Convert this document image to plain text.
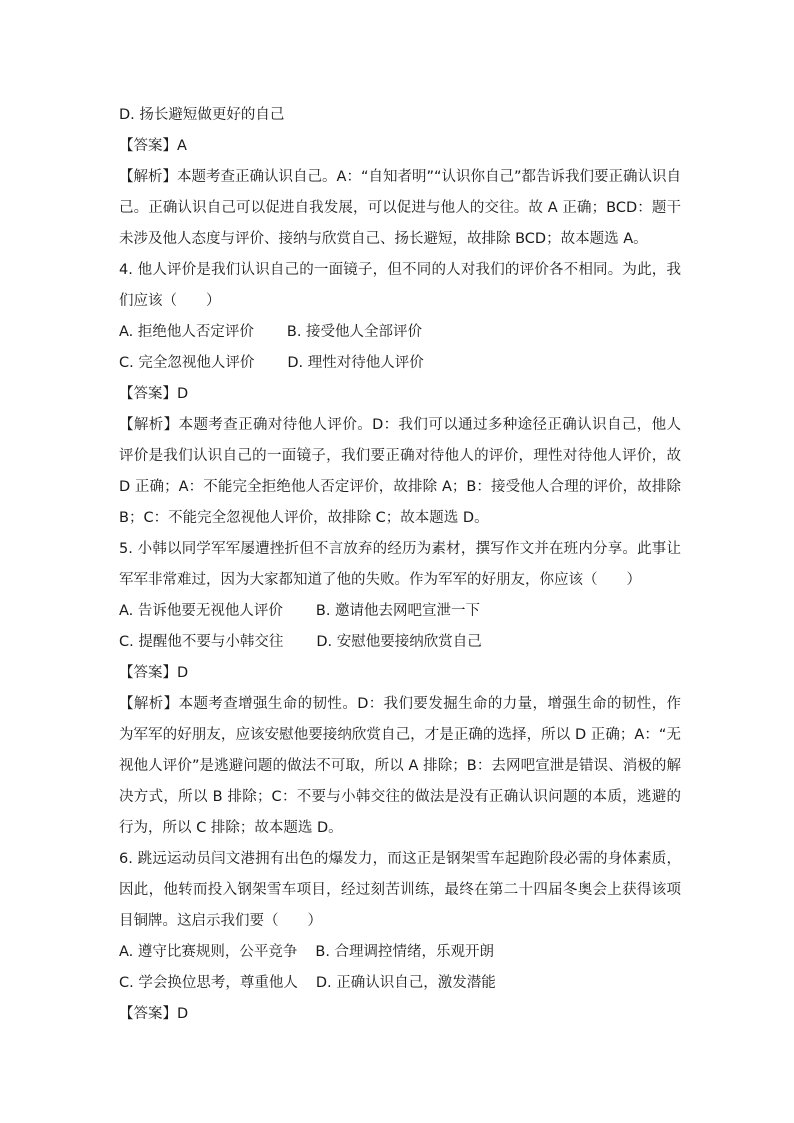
D. 扬长避短做更好的自己
【答案】A
【解析】本题考查正确认识自己。A：“自知者明”“认识你自己”都告诉我们要正确认识自己。正确认识自己可以促进自我发展，可以促进与他人的交往。故 A 正确；BCD：题干未涉及他人态度与评价、接纳与欣赏自己、扬长避短，故排除 BCD；故本题选 A。
4. 他人评价是我们认识自己的一面镜子，但不同的人对我们的评价各不相同。为此，我们应该（　　）
A. 拒绝他人否定评价 B. 接受他人全部评价
C. 完全忽视他人评价 D. 理性对待他人评价
【答案】D
【解析】本题考查正确对待他人评价。D：我们可以通过多种途径正确认识自己，他人评价是我们认识自己的一面镜子，我们要正确对待他人的评价，理性对待他人评价，故 D 正确；A：不能完全拒绝他人否定评价，故排除 A；B：接受他人合理的评价，故排除 B；C：不能完全忽视他人评价，故排除 C；故本题选 D。
5. 小韩以同学军军屡遭挫折但不言放弃的经历为素材，撰写作文并在班内分享。此事让军军非常难过，因为大家都知道了他的失败。作为军军的好朋友，你应该（　　）
A. 告诉他要无视他人评价 B. 邀请他去网吧宣泄一下
C. 提醒他不要与小韩交往 D. 安慰他要接纳欣赏自己
【答案】D
【解析】本题考查增强生命的韧性。D：我们要发掘生命的力量，增强生命的韧性，作为军军的好朋友，应该安慰他要接纳欣赏自己，才是正确的选择，所以 D 正确；A：“无视他人评价”是逃避问题的做法不可取，所以 A 排除；B：去网吧宣泄是错误、消极的解决方式，所以 B 排除；C：不要与小韩交往的做法是没有正确认识问题的本质，逃避的行为，所以 C 排除；故本题选 D。
6. 跳远运动员闫文港拥有出色的爆发力，而这正是钢架雪车起跑阶段必需的身体素质，因此，他转而投入钢架雪车项目，经过刻苦训练，最终在第二十四届冬奥会上获得该项目铜牌。这启示我们要（　　）
A. 遵守比赛规则，公平竞争 B. 合理调控情绪，乐观开朗
C. 学会换位思考，尊重他人 D. 正确认识自己，激发潜能
【答案】D
